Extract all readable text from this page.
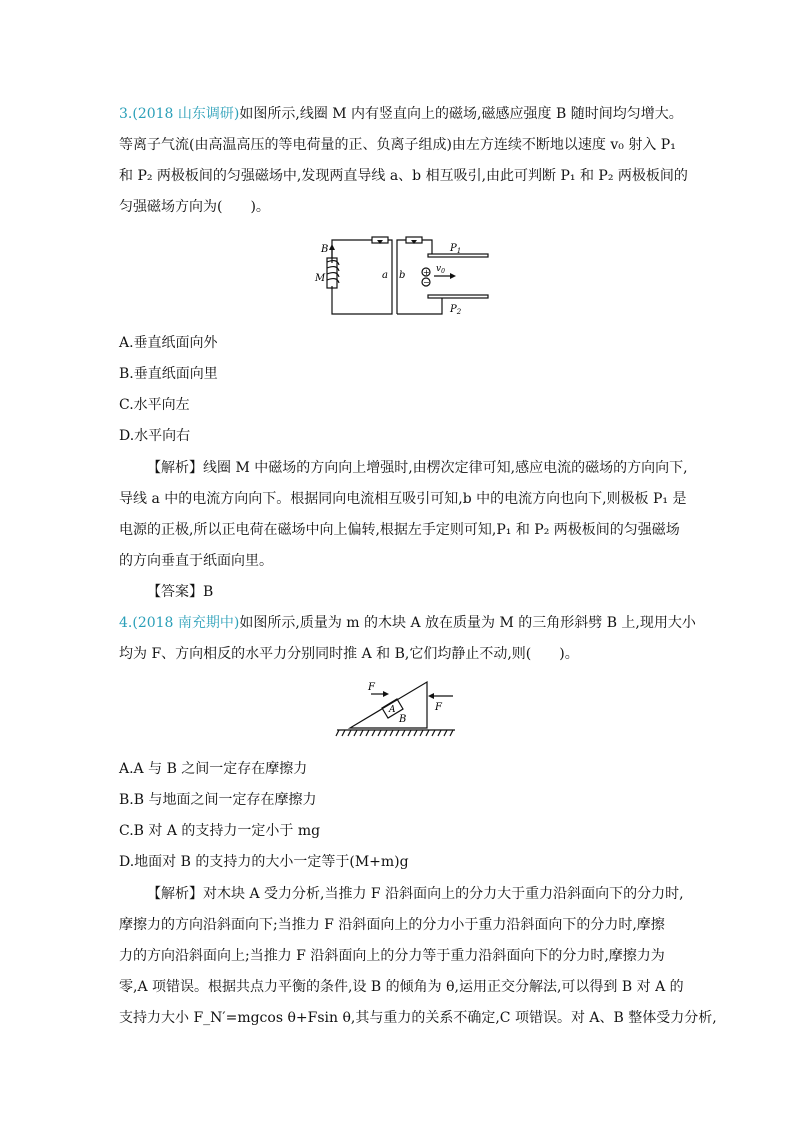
3.(2018 山东调研)如图所示,线圈 M 内有竖直向上的磁场,磁感应强度 B 随时间均匀增大。
等离子气流(由高温高压的等电荷量的正、负离子组成)由左方连续不断地以速度 v₀ 射入 P₁
和 P₂ 两极板间的匀强磁场中,发现两直导线 a、b 相互吸引,由此可判断 P₁ 和 P₂ 两极板间的
匀强磁场方向为(　　)。
B
M	a b
$P_1$
$P_2$
$v_0$
+
−
A.垂直纸面向外
B.垂直纸面向里
C.水平向左
D.水平向右
【解析】线圈 M 中磁场的方向向上增强时,由楞次定律可知,感应电流的磁场的方向向下,
导线 a 中的电流方向向下。根据同向电流相互吸引可知,b 中的电流方向也向下,则极板 P₁ 是
电源的正极,所以正电荷在磁场中向上偏转,根据左手定则可知,P₁ 和 P₂ 两极板间的匀强磁场
的方向垂直于纸面向里。
【答案】B
4.(2018 南充期中)如图所示,质量为 m 的木块 A 放在质量为 M 的三角形斜劈 B 上,现用大小
均为 F、方向相反的水平力分别同时推 A 和 B,它们均静止不动,则(　　)。
F
F
A
B
A.A 与 B 之间一定存在摩擦力
B.B 与地面之间一定存在摩擦力
C.B 对 A 的支持力一定小于 mg
D.地面对 B 的支持力的大小一定等于(M+m)g
【解析】对木块 A 受力分析,当推力 F 沿斜面向上的分力大于重力沿斜面向下的分力时,
摩擦力的方向沿斜面向下;当推力 F 沿斜面向上的分力小于重力沿斜面向下的分力时,摩擦
力的方向沿斜面向上;当推力 F 沿斜面向上的分力等于重力沿斜面向下的分力时,摩擦力为
零,A 项错误。根据共点力平衡的条件,设 B 的倾角为 θ,运用正交分解法,可以得到 B 对 A 的
支持力大小 F_N′=mgcos θ+Fsin θ,其与重力的关系不确定,C 项错误。对 A、B 整体受力分析,
